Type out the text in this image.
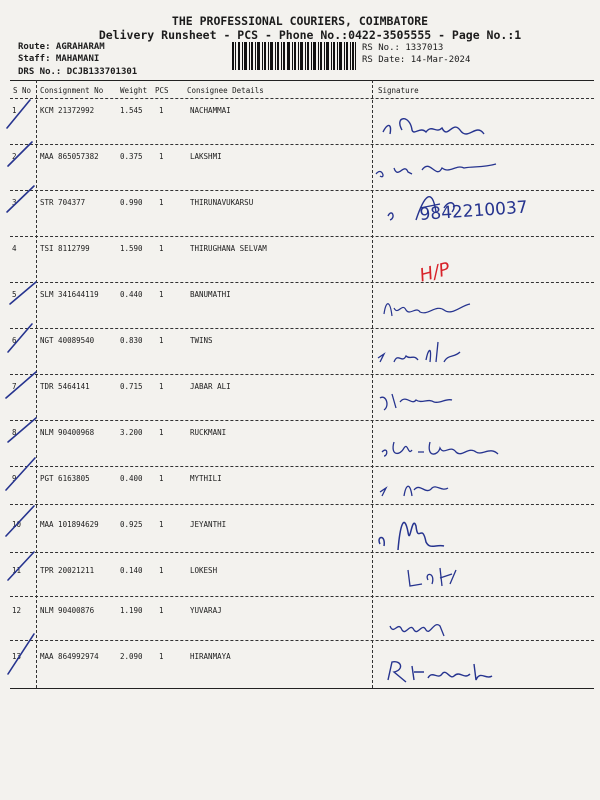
THE PROFESSIONAL COURIERS, COIMBATORE
Delivery Runsheet - PCS - Phone No.:0422-3505555 - Page No.:1
Route: AGRAHARAM
Staff: MAHAMANI
DRS No.: DCJB133701301
RS No.: 1337013
RS Date: 14-Mar-2024
S No Consignment No Weight PCS Consignee Details	Signature
1	KCM 21372992	1.545 1	NACHAMMAI
2	MAA 865057382	0.375 1	LAKSHMI
3	STR 704377	0.990 1	THIRUNAVUKARSU
4	TSI 8112799	1.590 1	THIRUGHANA SELVAM
5	SLM 341644119	0.440 1	BANUMATHI
6	NGT 40089540	0.830 1	TWINS
7	TDR 5464141	0.715 1	JABAR ALI
8	NLM 90400968	3.200 1	RUCKMANI
9	PGT 6163805	0.400 1	MYTHILI
10	MAA 101894629	0.925 1	JEYANTHI
11	TPR 20021211	0.140 1	LOKESH
12	NLM 90400876	1.190 1	YUVARAJ
13	MAA 864992974	2.090 1	HIRANMAYA
9842210037
H/P
